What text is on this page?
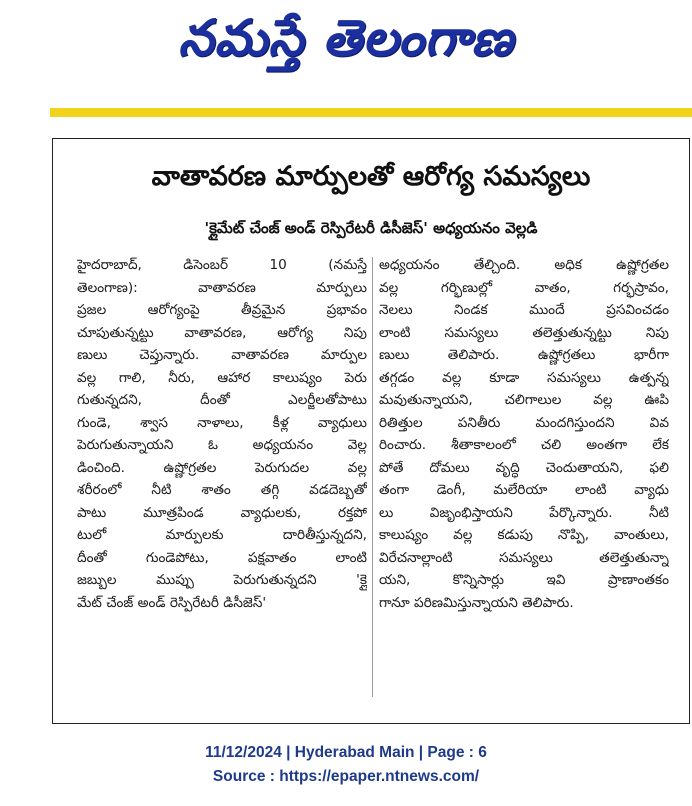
నమస్తే తెలంగాణ
వాతావరణ మార్పులతో ఆరోగ్య సమస్యలు
'క్లైమేట్ చేంజ్ అండ్ రెస్పిరేటరీ డిసీజెస్' అధ్యయనం వెల్లడి
హైదరాబాద్, డిసెంబర్ 10 (నమస్తే
తెలంగాణ): వాతావరణ మార్పులు
ప్రజల ఆరోగ్యంపై తీవ్రమైన ప్రభావం
చూపుతున్నట్టు వాతావరణ, ఆరోగ్య నిపు
ణులు చెప్తున్నారు. వాతావరణ మార్పుల
వల్ల గాలి, నీరు, ఆహార కాలుష్యం పెరు
గుతున్నదని, దీంతో ఎలర్జీలతోపాటు
గుండె, శ్వాస నాళాలు, కీళ్ల వ్యాధులు
పెరుగుతున్నాయని ఓ అధ్యయనం వెల్ల
డించింది. ఉష్ణోగ్రతల పెరుగుదల వల్ల
శరీరంలో నీటి శాతం తగ్గి వడదెబ్బతో
పాటు మూత్రపిండ వ్యాధులకు, రక్తపో
టులో మార్పులకు దారితీస్తున్నదని,
దీంతో గుండెపోటు, పక్షవాతం లాంటి
జబ్బుల ముప్పు పెరుగుతున్నదని 'క్లై
మేట్ చేంజ్ అండ్ రెస్పిరేటరీ డిసీజెస్'
అధ్యయనం తేల్చింది. అధిక ఉష్ణోగ్రతల
వల్ల గర్భిణుల్లో వాతం, గర్భస్రావం,
నెలలు నిండక ముందే ప్రసవించడం
లాంటి సమస్యలు తలెత్తుతున్నట్టు నిపు
ణులు తెలిపారు. ఉష్ణోగ్రతలు భారీగా
తగ్గడం వల్ల కూడా సమస్యలు ఉత్పన్న
మవుతున్నాయని, చలిగాలుల వల్ల ఊపి
రితిత్తుల పనితీరు మందగిస్తుందని వివ
రించారు. శీతాకాలంలో చలి అంతగా లేక
పోతే దోమలు వృద్ధి చెందుతాయని, ఫలి
తంగా డెంగీ, మలేరియా లాంటి వ్యాధు
లు విజృంభిస్తాయని పేర్కొన్నారు. నీటి
కాలుష్యం వల్ల కడుపు నొప్పి, వాంతులు,
విరేచనాల్లాంటి సమస్యలు తలెత్తుతున్నా
యని, కొన్నిసార్లు ఇవి ప్రాణాంతకం
గానూ పరిణమిస్తున్నాయని తెలిపారు.
11/12/2024 | Hyderabad Main | Page : 6
Source : https://epaper.ntnews.com/
